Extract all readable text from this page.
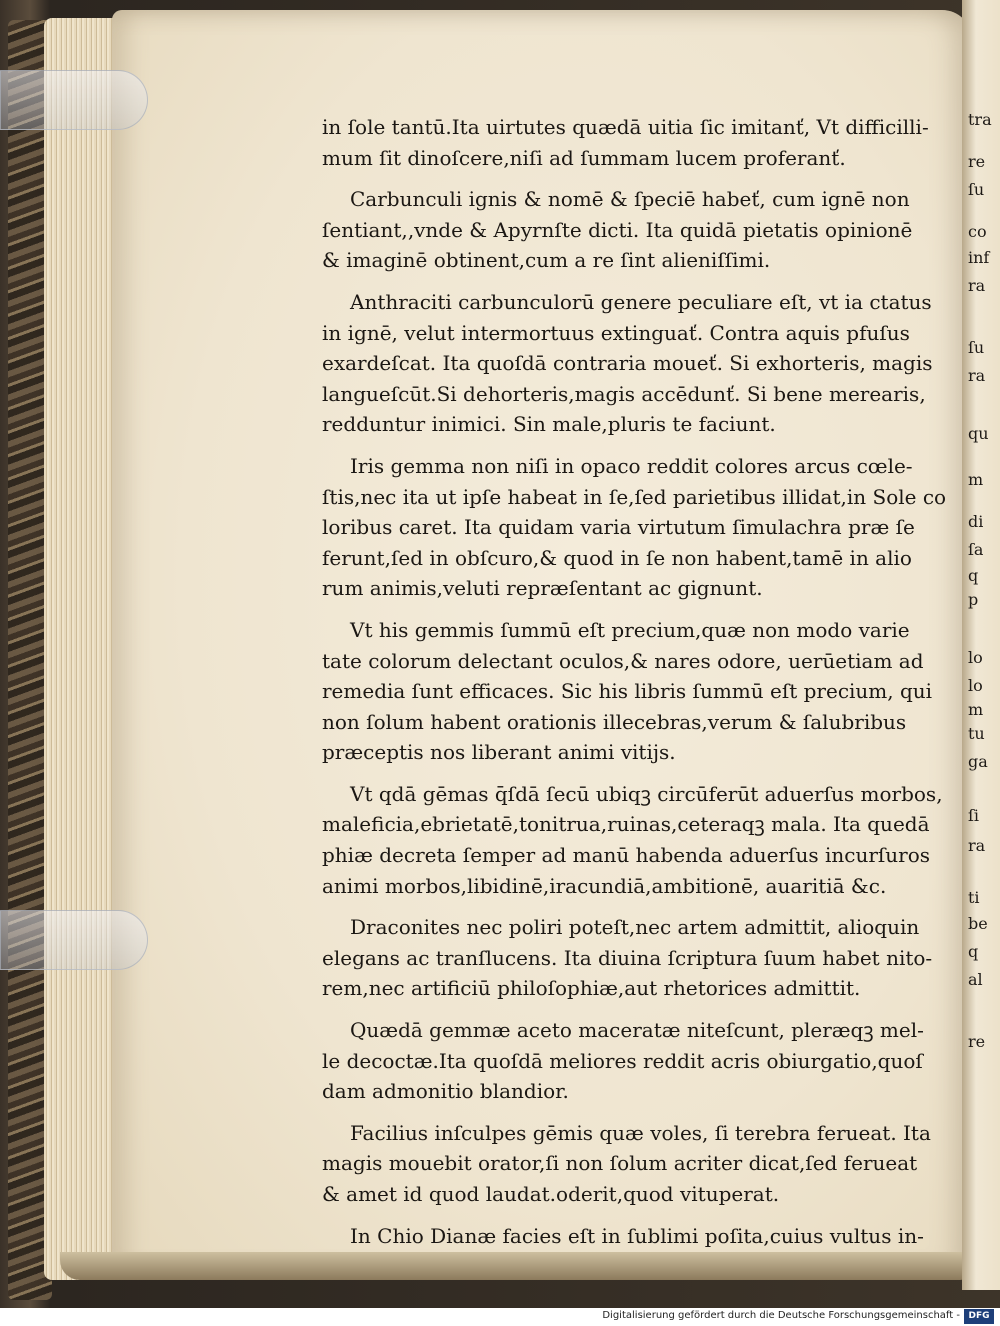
tra
re
ſu
co
inf
ra
ſu
ra
qu
m
di
ſa
q
p
lo
lo
m
tu
ga
ſi
ra
ti
be
q
al
re
in ſole tantū.Ita uirtutes quædā uitia ſic imitanť, Vt difficilli-
mum ſit dinoſcere,niſi ad ſummam lucem proferanť.
Carbunculi ignis & nomē & ſpeciē habeť, cum ignē non
ſentiant,‚vnde & Apyrnſte dicti. Ita quidā pietatis opinionē
& imaginē obtinent,cum a re ſint alieniſſimi.
Anthraciti carbunculorū genere peculiare eſt, vt ia ctatus
in ignē, velut intermortuus extinguať. Contra aquis pfuſus
exardeſcat. Ita quoſdā contraria moueť. Si exhorteris, magis
langueſcūt.Si dehorteris,magis accēdunť. Si bene merearis,
redduntur inimici. Sin male,pluris te faciunt.
Iris gemma non niſi in opaco reddit colores arcus cœle-
ſtis,nec ita ut ipſe habeat in ſe,ſed parietibus illidat,in Sole co
loribus caret. Ita quidam varia virtutum ſimulachra præ ſe
ferunt,ſed in obſcuro,& quod in ſe non habent,tamē in alio
rum animis,veluti repræſentant ac gignunt.
Vt his gemmis ſummū eſt precium,quæ non modo varie
tate colorum delectant oculos,& nares odore, uerūetiam ad
remedia ſunt efficaces. Sic his libris ſummū eſt precium, qui
non ſolum habent orationis illecebras,verum & ſalubribus
præceptis nos liberant animi vitijs.
Vt qdā gēmas q̄ſdā ſecū ubiqꝫ circūferūt aduerſus morbos,
maleficia,ebrietatē,tonitrua,ruinas,ceteraqꝫ mala. Ita quedā
phiæ decreta ſemper ad manū habenda aduerſus incurſuros
animi morbos,libidinē,iracundiā,ambitionē, auaritiā &c.
Draconites nec poliri poteſt,nec artem admittit, alioquin
elegans ac tranſlucens. Ita diuina ſcriptura ſuum habet nito-
rem,nec artificiū philoſophiæ,aut rhetorices admittit.
Quædā gemmæ aceto maceratæ niteſcunt, pleræqꝫ mel-
le decoctæ.Ita quoſdā meliores reddit acris obiurgatio,quoſ
dam admonitio blandior.
Facilius inſculpes gēmis quæ voles, ſi terebra ferueat. Ita
magis mouebit orator,ſi non ſolum acriter dicat,ſed ferueat
& amet id quod laudat.oderit,quod vituperat.
In Chio Dianæ facies eſt in ſublimi poſita,cuius vultus in-
Digitalisierung gefördert durch die Deutsche Forschungsgemeinschaft - DFG
